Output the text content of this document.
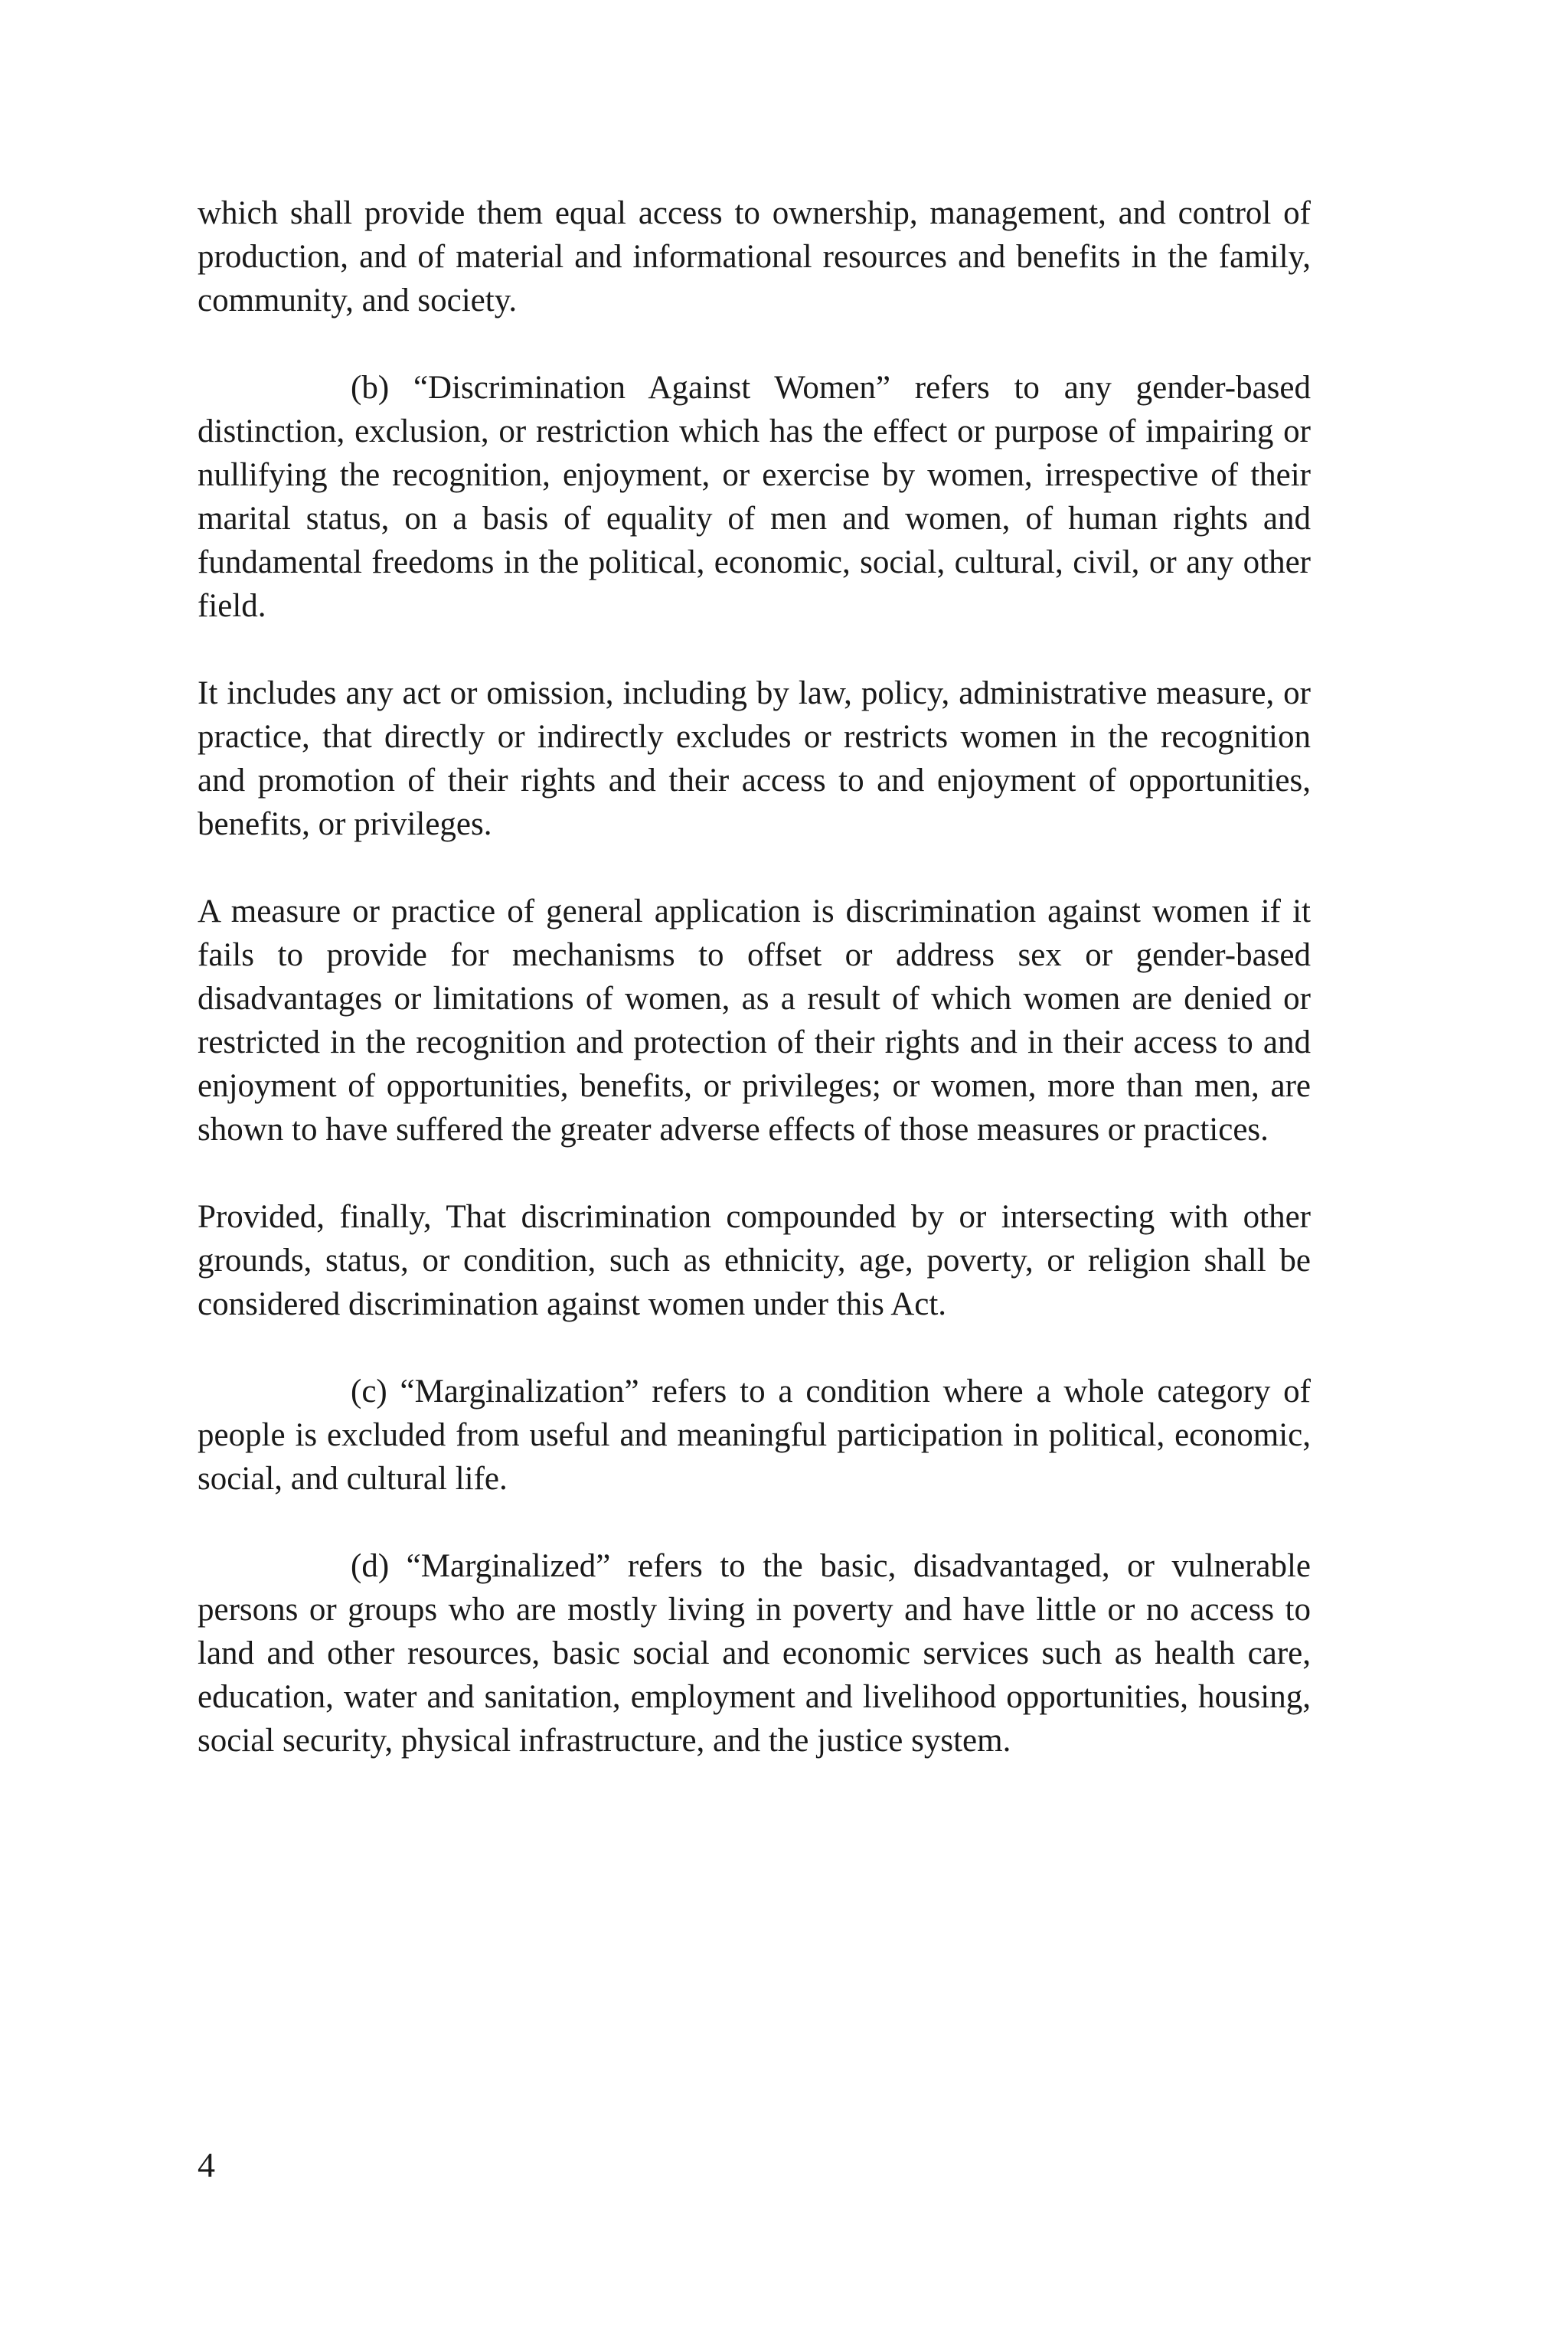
which shall provide them equal access to ownership, management, and control of production, and of material and informational resources and benefits in the family, community, and society.

(b) “Discrimination Against Women” refers to any gender-based distinction, exclusion, or restriction which has the effect or purpose of impairing or nullifying the recognition, enjoyment, or exercise by women, irrespective of their marital status, on a basis of equality of men and women, of human rights and fundamental freedoms in the political, economic, social, cultural, civil, or any other field.

It includes any act or omission, including by law, policy, administrative measure, or practice, that directly or indirectly excludes or restricts women in the recognition and promotion of their rights and their access to and enjoyment of opportunities, benefits, or privileges.

A measure or practice of general application is discrimination against women if it fails to provide for mechanisms to offset or address sex or gender-based disadvantages or limitations of women, as a result of which women are denied or restricted in the recognition and protection of their rights and in their access to and enjoyment of opportunities, benefits, or privileges; or women, more than men, are shown to have suffered the greater adverse effects of those measures or practices.

Provided, finally, That discrimination compounded by or intersecting with other grounds, status, or condition, such as ethnicity, age, poverty, or religion shall be considered discrimination against women under this Act.

(c) “Marginalization” refers to a condition where a whole category of people is excluded from useful and meaningful participation in political, economic, social, and cultural life.

(d) “Marginalized” refers to the basic, disadvantaged, or vulnerable persons or groups who are mostly living in poverty and have little or no access to land and other resources, basic social and economic services such as health care, education, water and sanitation, employment and livelihood opportunities, housing, social security, physical infrastructure, and the justice system.

4
